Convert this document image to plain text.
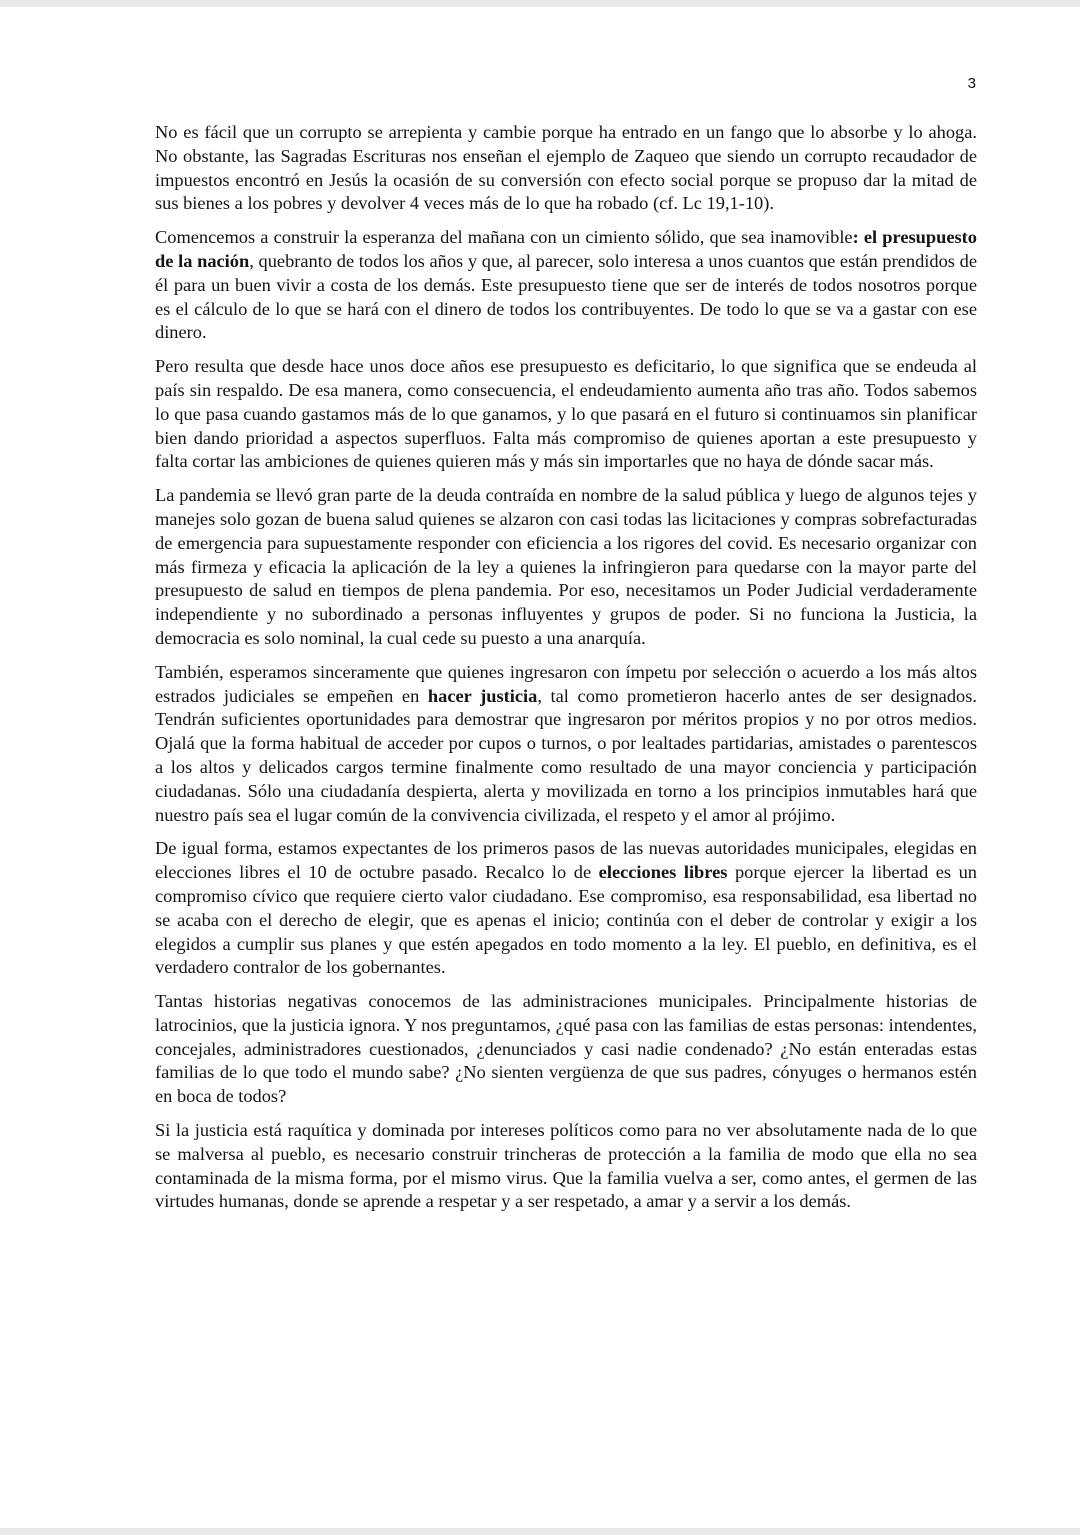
3

No es fácil que un corrupto se arrepienta y cambie porque ha entrado en un fango que lo absorbe y lo ahoga. No obstante, las Sagradas Escrituras nos enseñan el ejemplo de Zaqueo que siendo un corrupto recaudador de impuestos encontró en Jesús la ocasión de su conversión con efecto social porque se propuso dar la mitad de sus bienes a los pobres y devolver 4 veces más de lo que ha robado (cf. Lc 19,1-10).

Comencemos a construir la esperanza del mañana con un cimiento sólido, que sea inamovible: el presupuesto de la nación, quebranto de todos los años y que, al parecer, solo interesa a unos cuantos que están prendidos de él para un buen vivir a costa de los demás. Este presupuesto tiene que ser de interés de todos nosotros porque es el cálculo de lo que se hará con el dinero de todos los contribuyentes. De todo lo que se va a gastar con ese dinero.

Pero resulta que desde hace unos doce años ese presupuesto es deficitario, lo que significa que se endeuda al país sin respaldo. De esa manera, como consecuencia, el endeudamiento aumenta año tras año. Todos sabemos lo que pasa cuando gastamos más de lo que ganamos, y lo que pasará en el futuro si continuamos sin planificar bien dando prioridad a aspectos superfluos. Falta más compromiso de quienes aportan a este presupuesto y falta cortar las ambiciones de quienes quieren más y más sin importarles que no haya de dónde sacar más.

La pandemia se llevó gran parte de la deuda contraída en nombre de la salud pública y luego de algunos tejes y manejes solo gozan de buena salud quienes se alzaron con casi todas las licitaciones y compras sobrefacturadas de emergencia para supuestamente responder con eficiencia a los rigores del covid. Es necesario organizar con más firmeza y eficacia la aplicación de la ley a quienes la infringieron para quedarse con la mayor parte del presupuesto de salud en tiempos de plena pandemia. Por eso, necesitamos un Poder Judicial verdaderamente independiente y no subordinado a personas influyentes y grupos de poder. Si no funciona la Justicia, la democracia es solo nominal, la cual cede su puesto a una anarquía.

También, esperamos sinceramente que quienes ingresaron con ímpetu por selección o acuerdo a los más altos estrados judiciales se empeñen en hacer justicia, tal como prometieron hacerlo antes de ser designados. Tendrán suficientes oportunidades para demostrar que ingresaron por méritos propios y no por otros medios. Ojalá que la forma habitual de acceder por cupos o turnos, o por lealtades partidarias, amistades o parentescos a los altos y delicados cargos termine finalmente como resultado de una mayor conciencia y participación ciudadanas. Sólo una ciudadanía despierta, alerta y movilizada en torno a los principios inmutables hará que nuestro país sea el lugar común de la convivencia civilizada, el respeto y el amor al prójimo.

De igual forma, estamos expectantes de los primeros pasos de las nuevas autoridades municipales, elegidas en elecciones libres el 10 de octubre pasado. Recalco lo de elecciones libres porque ejercer la libertad es un compromiso cívico que requiere cierto valor ciudadano. Ese compromiso, esa responsabilidad, esa libertad no se acaba con el derecho de elegir, que es apenas el inicio; continúa con el deber de controlar y exigir a los elegidos a cumplir sus planes y que estén apegados en todo momento a la ley. El pueblo, en definitiva, es el verdadero contralor de los gobernantes.

Tantas historias negativas conocemos de las administraciones municipales. Principalmente historias de latrocinios, que la justicia ignora. Y nos preguntamos, ¿qué pasa con las familias de estas personas: intendentes, concejales, administradores cuestionados, ¿denunciados y casi nadie condenado? ¿No están enteradas estas familias de lo que todo el mundo sabe? ¿No sienten vergüenza de que sus padres, cónyuges o hermanos estén en boca de todos?

Si la justicia está raquítica y dominada por intereses políticos como para no ver absolutamente nada de lo que se malversa al pueblo, es necesario construir trincheras de protección a la familia de modo que ella no sea contaminada de la misma forma, por el mismo virus. Que la familia vuelva a ser, como antes, el germen de las virtudes humanas, donde se aprende a respetar y a ser respetado, a amar y a servir a los demás.
